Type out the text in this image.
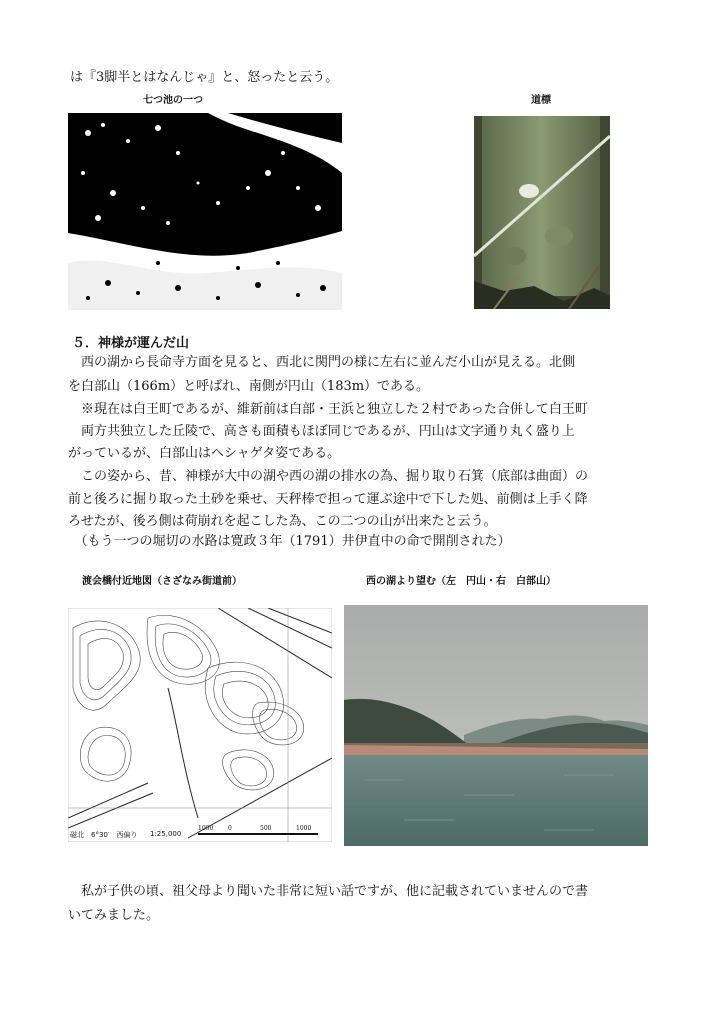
は『3脚半とはなんじゃ』と、怒ったと云う。
七つ池の一つ	道標
５．神様が運んだ山
　西の湖から長命寺方面を見ると、西北に関門の様に左右に並んだ小山が見える。北側
を白部山（166m）と呼ばれ、南側が円山（183m）である。
　※現在は白王町であるが、維新前は白部・王浜と独立した２村であった合併して白王町
　両方共独立した丘陵で、高さも面積もほぼ同じであるが、円山は文字通り丸く盛り上
がっているが、白部山はヘシャゲタ姿である。
　この姿から、昔、神様が大中の湖や西の湖の排水の為、掘り取り石箕（底部は曲面）の
前と後ろに掘り取った土砂を乗せ、天秤棒で担って運ぶ途中で下した処、前側は上手く降
ろせたが、後ろ側は荷崩れを起こした為、この二つの山が出来たと云う。
　（もう一つの堀切の水路は寛政３年（1791）井伊直中の命で開削された）
渡会橋付近地図（さざなみ街道前）
磁北　6°30′　西偏り 1:25,000
1000 0	500	1000
西の湖より望む（左　円山・右　白部山）
　私が子供の頃、祖父母より聞いた非常に短い話ですが、他に記載されていませんので書
いてみました。
